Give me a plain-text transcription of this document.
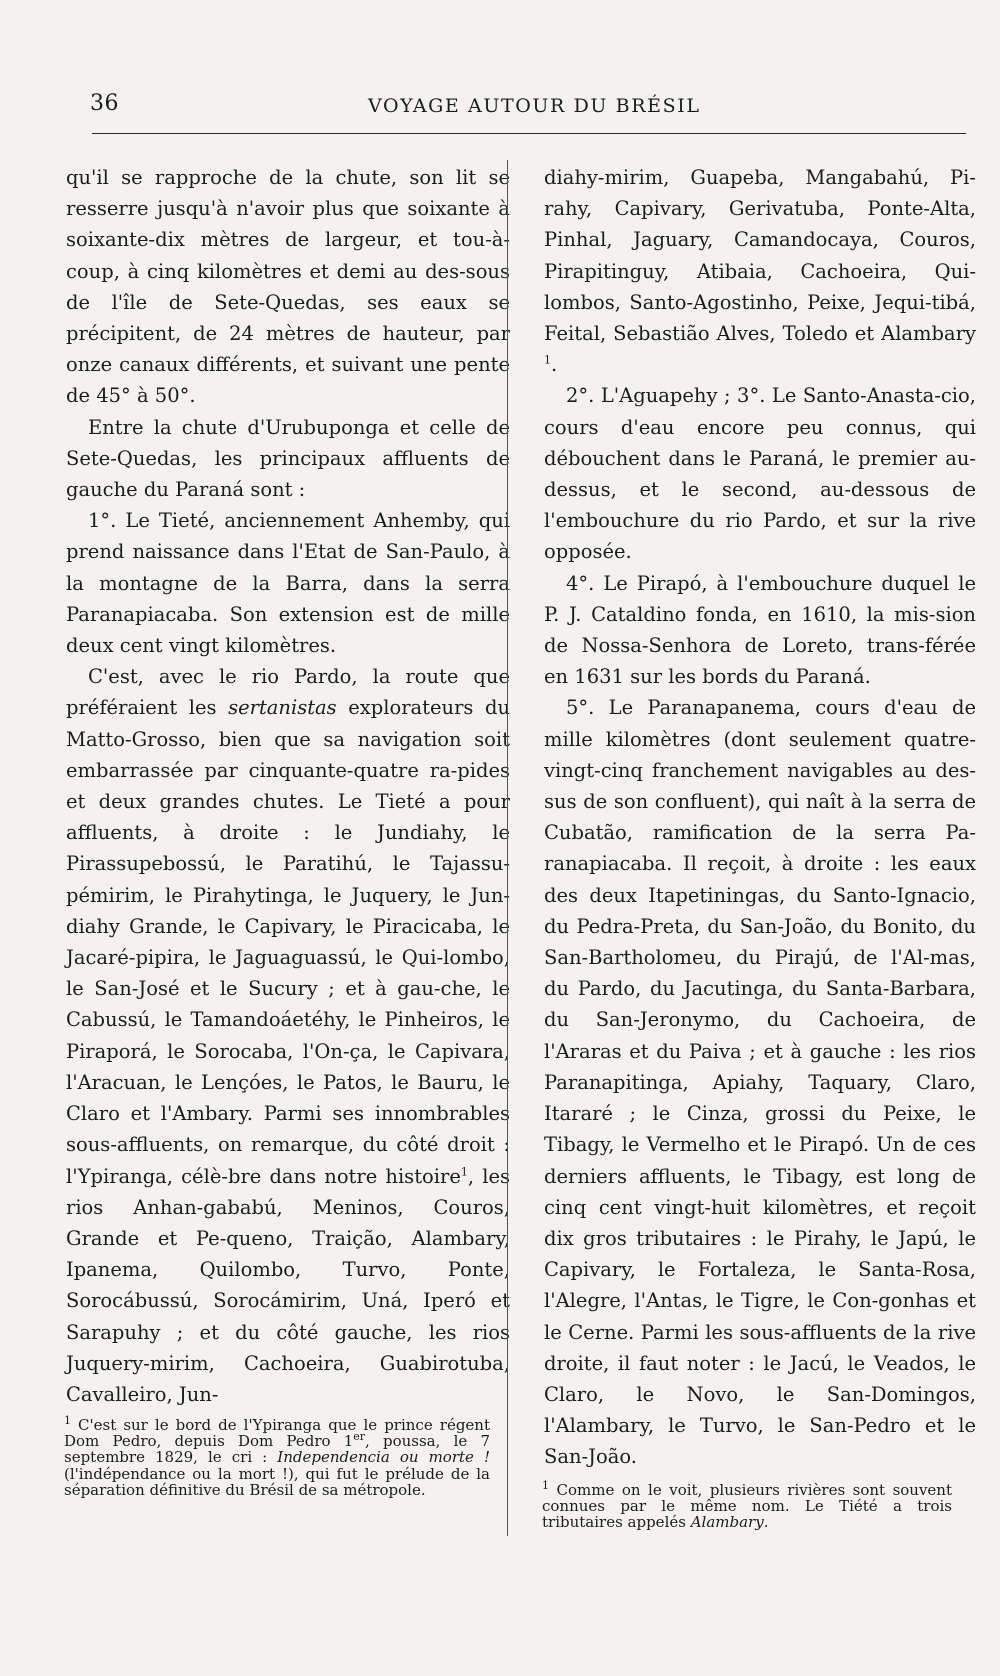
36	VOYAGE AUTOUR DU BRÉSIL

qu'il se rapproche de la chute, son lit se resserre jusqu'à n'avoir plus que soixante à soixante-dix mètres de largeur, et tou-à-coup, à cinq kilomètres et demi au des-sous de l'île de Sete-Quedas, ses eaux se précipitent, de 24 mètres de hauteur, par onze canaux différents, et suivant une pente de 45° à 50°.

Entre la chute d'Urubuponga et celle de Sete-Quedas, les principaux affluents de gauche du Paraná sont :

1°. Le Tieté, anciennement Anhemby, qui prend naissance dans l'Etat de San-Paulo, à la montagne de la Barra, dans la serra Paranapiacaba. Son extension est de mille deux cent vingt kilomètres.

C'est, avec le rio Pardo, la route que préféraient les sertanistas explorateurs du Matto-Grosso, bien que sa navigation soit embarrassée par cinquante-quatre ra-pides et deux grandes chutes. Le Tieté a pour affluents, à droite : le Jundiahy, le Pirassupebossú, le Paratihú, le Tajassu-pémirim, le Pirahytinga, le Juquery, le Jun-diahy Grande, le Capivary, le Piracicaba, le Jacaré-pipira, le Jaguaguassú, le Qui-lombo, le San-José et le Sucury ; et à gau-che, le Cabussú, le Tamandoáetéhy, le Pinheiros, le Piraporá, le Sorocaba, l'On-ça, le Capivara, l'Aracuan, le Lençóes, le Patos, le Bauru, le Claro et l'Ambary. Parmi ses innombrables sous-affluents, on remarque, du côté droit : l'Ypiranga, célè-bre dans notre histoire$^1$, les rios Anhan-gababú, Meninos, Couros, Grande et Pe-queno, Traição, Alambary, Ipanema, Quilombo, Turvo, Ponte, Sorocábussú, Sorocámirim, Uná, Iperó et Sarapuhy ; et du côté gauche, les rios Juquery-mirim, Cachoeira, Guabirotuba, Cavalleiro, Jun-

diahy-mirim, Guapeba, Mangabahú, Pi-rahy, Capivary, Gerivatuba, Ponte-Alta, Pinhal, Jaguary, Camandocaya, Couros, Pirapitinguy, Atibaia, Cachoeira, Qui-lombos, Santo-Agostinho, Peixe, Jequi-tibá, Feital, Sebastião Alves, Toledo et Alambary $^1$.

2°. L'Aguapehy ; 3°. Le Santo-Anasta-cio, cours d'eau encore peu connus, qui débouchent dans le Paraná, le premier au-dessus, et le second, au-dessous de l'embouchure du rio Pardo, et sur la rive opposée.

4°. Le Pirapó, à l'embouchure duquel le P. J. Cataldino fonda, en 1610, la mis-sion de Nossa-Senhora de Loreto, trans-férée en 1631 sur les bords du Paraná.

5°. Le Paranapanema, cours d'eau de mille kilomètres (dont seulement quatre-vingt-cinq franchement navigables au des-sus de son confluent), qui naît à la serra de Cubatão, ramification de la serra Pa-ranapiacaba. Il reçoit, à droite : les eaux des deux Itapetiningas, du Santo-Ignacio, du Pedra-Preta, du San-João, du Bonito, du San-Bartholomeu, du Pirajú, de l'Al-mas, du Pardo, du Jacutinga, du Santa-Barbara, du San-Jeronymo, du Cachoeira, de l'Araras et du Paiva ; et à gauche : les rios Paranapitinga, Apiahy, Taquary, Claro, Itararé ; le Cinza, grossi du Peixe, le Tibagy, le Vermelho et le Pirapó. Un de ces derniers affluents, le Tibagy, est long de cinq cent vingt-huit kilomètres, et reçoit dix gros tributaires : le Pirahy, le Japú, le Capivary, le Fortaleza, le Santa-Rosa, l'Alegre, l'Antas, le Tigre, le Con-gonhas et le Cerne. Parmi les sous-affluents de la rive droite, il faut noter : le Jacú, le Veados, le Claro, le Novo, le San-Domingos, l'Alambary, le Turvo, le San-Pedro et le San-João.

$^1$ C'est sur le bord de l'Ypiranga que le prince régent Dom Pedro, depuis Dom Pedro 1er, poussa, le 7 septembre 1829, le cri : Independencia ou morte ! (l'indépendance ou la mort !), qui fut le prélude de la séparation définitive du Brésil de sa métropole.	$^1$ Comme on le voit, plusieurs rivières sont souvent connues par le même nom. Le Tiété a trois tributaires appelés Alambary.
